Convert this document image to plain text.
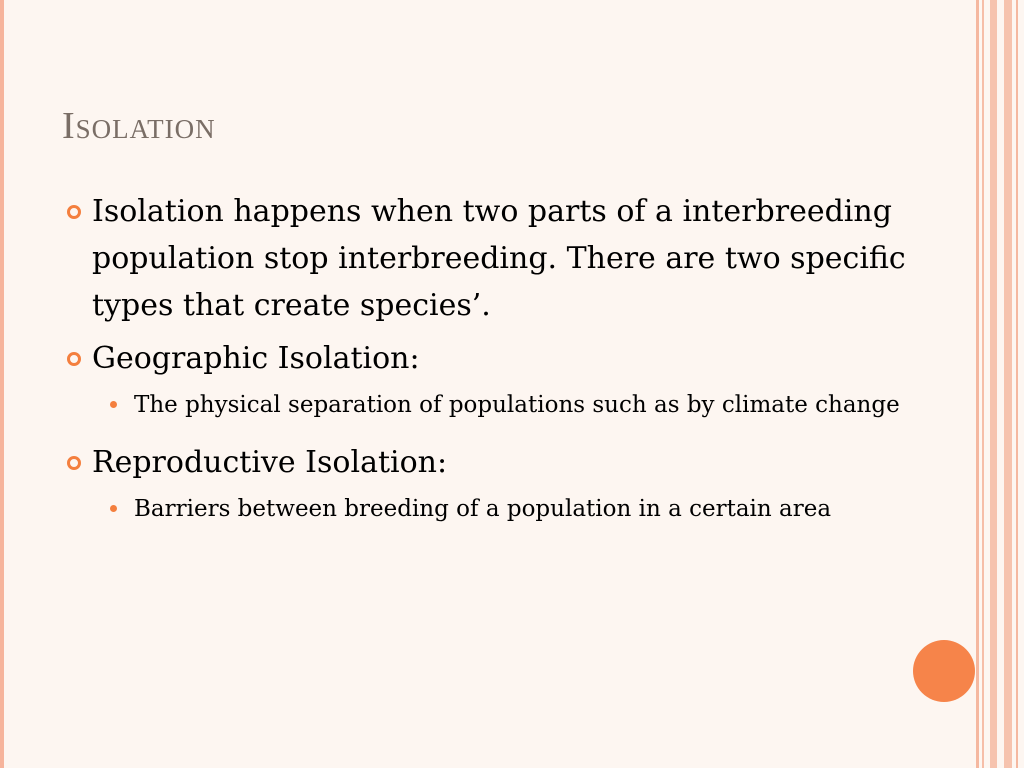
Isolation
Isolation happens when two parts of a interbreeding population stop interbreeding. There are two specific types that create species’.
Geographic Isolation:
The physical separation of populations such as by climate change
Reproductive Isolation:
Barriers between breeding of a population in a certain area
